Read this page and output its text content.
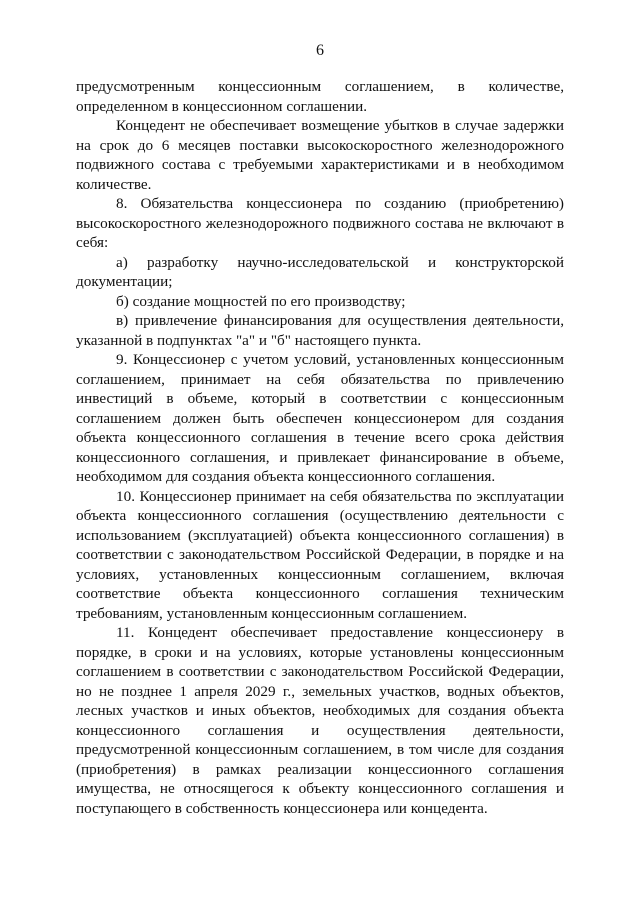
6

предусмотренным концессионным соглашением, в количестве, определенном в концессионном соглашении.

Концедент не обеспечивает возмещение убытков в случае задержки на срок до 6 месяцев поставки высокоскоростного железнодорожного подвижного состава с требуемыми характеристиками и в необходимом количестве.

8. Обязательства концессионера по созданию (приобретению) высокоскоростного железнодорожного подвижного состава не включают в себя:

а) разработку научно-исследовательской и конструкторской документации;

б) создание мощностей по его производству;

в) привлечение финансирования для осуществления деятельности, указанной в подпунктах "а" и "б" настоящего пункта.

9. Концессионер с учетом условий, установленных концессионным соглашением, принимает на себя обязательства по привлечению инвестиций в объеме, который в соответствии с концессионным соглашением должен быть обеспечен концессионером для создания объекта концессионного соглашения в течение всего срока действия концессионного соглашения, и привлекает финансирование в объеме, необходимом для создания объекта концессионного соглашения.

10. Концессионер принимает на себя обязательства по эксплуатации объекта концессионного соглашения (осуществлению деятельности с использованием (эксплуатацией) объекта концессионного соглашения) в соответствии с законодательством Российской Федерации, в порядке и на условиях, установленных концессионным соглашением, включая соответствие объекта концессионного соглашения техническим требованиям, установленным концессионным соглашением.

11. Концедент обеспечивает предоставление концессионеру в порядке, в сроки и на условиях, которые установлены концессионным соглашением в соответствии с законодательством Российской Федерации, но не позднее 1 апреля 2029 г., земельных участков, водных объектов, лесных участков и иных объектов, необходимых для создания объекта концессионного соглашения и осуществления деятельности, предусмотренной концессионным соглашением, в том числе для создания (приобретения) в рамках реализации концессионного соглашения имущества, не относящегося к объекту концессионного соглашения и поступающего в собственность концессионера или концедента.
